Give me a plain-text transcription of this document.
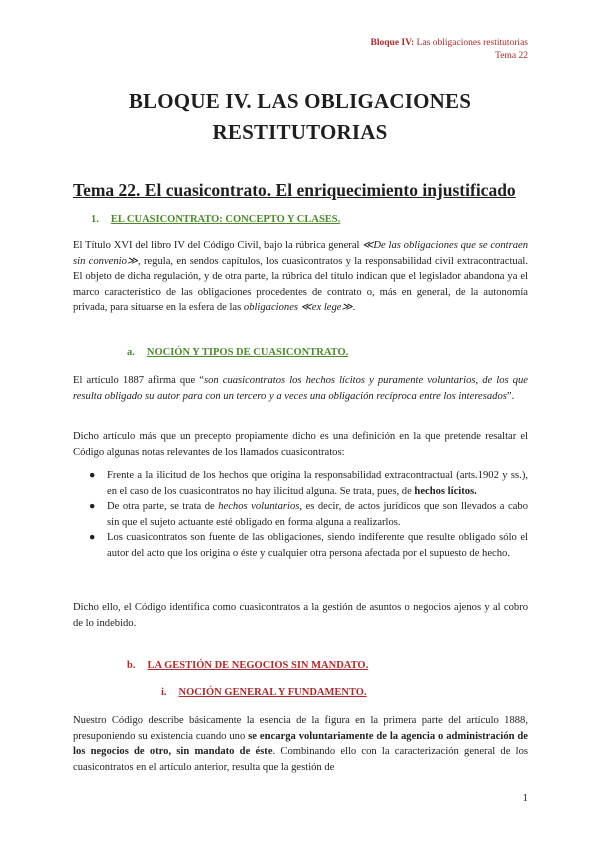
Bloque IV: Las obligaciones restitutorias
Tema 22
BLOQUE IV. LAS OBLIGACIONES
RESTITUTORIAS
Tema 22. El cuasicontrato. El enriquecimiento injustificado
1. EL CUASICONTRATO: CONCEPTO Y CLASES.
El Título XVI del libro IV del Código Civil, bajo la rúbrica general ≪De las obligaciones que se contraen sin convenio≫, regula, en sendos capítulos, los cuasicontratos y la responsabilidad civil extracontractual. El objeto de dicha regulación, y de otra parte, la rúbrica del título indican que el legislador abandona ya el marco característico de las obligaciones procedentes de contrato o, más en general, de la autonomía privada, para situarse en la esfera de las obligaciones ≪ex lege≫.
a. NOCIÓN Y TIPOS DE CUASICONTRATO.
El artículo 1887 afirma que “son cuasicontratos los hechos lícitos y puramente voluntarios, de los que resulta obligado su autor para con un tercero y a veces una obligación recíproca entre los interesados”.
Dicho artículo más que un precepto propiamente dicho es una definición en la que pretende resaltar el Código algunas notas relevantes de los llamados cuasicontratos:
● Frente a la ilicitud de los hechos que origina la responsabilidad extracontractual (arts.1902 y ss.), en el caso de los cuasicontratos no hay ilicitud alguna. Se trata, pues, de hechos lícitos.
● De otra parte, se trata de hechos voluntarios, es decir, de actos jurídicos que son llevados a cabo sin que el sujeto actuante esté obligado en forma alguna a realizarlos.
● Los cuasicontratos son fuente de las obligaciones, siendo indiferente que resulte obligado sólo el autor del acto que los origina o éste y cualquier otra persona afectada por el supuesto de hecho.
Dicho ello, el Código identifica como cuasicontratos a la gestión de asuntos o negocios ajenos y al cobro de lo indebido.
b. LA GESTIÓN DE NEGOCIOS SIN MANDATO.
i. NOCIÓN GENERAL Y FUNDAMENTO.
Nuestro Código describe básicamente la esencia de la figura en la primera parte del artículo 1888, presuponiendo su existencia cuando uno se encarga voluntariamente de la agencia o administración de los negocios de otro, sin mandato de éste. Combinando ello con la caracterización general de los cuasicontratos en el artículo anterior, resulta que la gestión de
1
